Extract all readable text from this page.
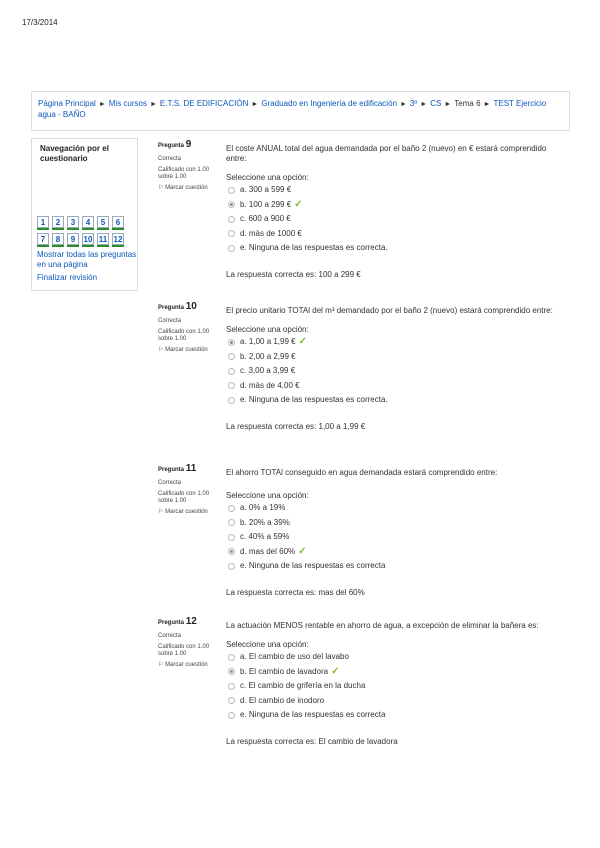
17/3/2014
Página Principal ► Mis cursos ► E.T.S. DE EDIFICACIÓN ► Graduado en Ingeniería de edificación ► 3º ► CS ► Tema 6 ► TEST Ejercicio agua - BAÑO
Navegación por el cuestionario
1	2	3	4	5	6
7	8	9	10 11 12
Mostrar todas las preguntas en una página
Finalizar revisión
Pregunta 9
Correcta
Calificado con 1.00 sobre 1.00
⚐ Marcar cuestión
El coste ANUAL total del agua demandada por el baño 2 (nuevo) en € estará comprendido entre:
Seleccione una opción:
a. 300 a 599 €
b. 100 a 299 € ✓
c. 600 a 900 €
d. más de 1000 €
e. Ninguna de las respuestas es correcta.
La respuesta correcta es: 100 a 299 €
Pregunta 10
Correcta
Calificado con 1.00 sobre 1.00
⚐ Marcar cuestión
El precio unitario TOTAl del m³ demandado por el baño 2 (nuevo) estará comprendido entre:
Seleccione una opción:
a. 1,00 a 1,99 € ✓
b. 2,00 a 2,99 €
c. 3,00 a 3,99 €
d. más de 4,00 €
e. Ninguna de las respuestas es correcta.
La respuesta correcta es: 1,00 a 1,99 €
Pregunta 11
Correcta
Calificado con 1.00 sobre 1.00
⚐ Marcar cuestión
El ahorro TOTAl conseguido en agua demandada estará comprendido entre:
Seleccione una opción:
a. 0% a 19%
b. 20% a 39%
c. 40% a 59%
d. mas del 60% ✓
e. Ninguna de las respuestas es correcta
La respuesta correcta es: mas del 60%
Pregunta 12
Correcta
Calificado con 1.00 sobre 1.00
⚐ Marcar cuestión
La actuación MENOS rentable en ahorro de agua, a excepción de eliminar la bañera es:
Seleccione una opción:
a. El cambio de uso del lavabo
b. El cambio de lavadora ✓
c. El cambio de grifería en la ducha
d. El cambio de inodoro
e. Ninguna de las respuestas es correcta
La respuesta correcta es: El cambio de lavadora
